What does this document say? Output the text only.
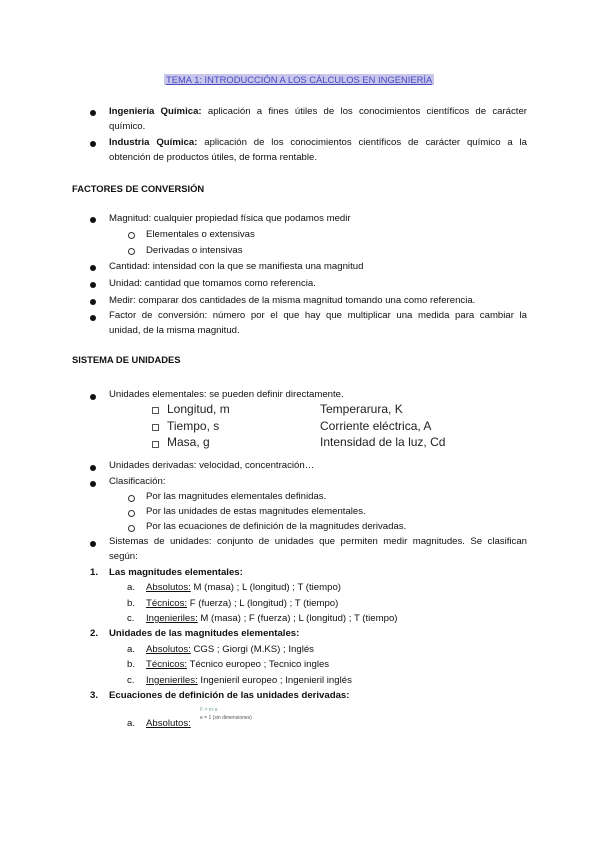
TEMA 1: INTRODUCCIÓN A LOS CÁLCULOS EN INGENIERÍA
Ingeniería Química: aplicación a fines útiles de los conocimientos científicos de carácter
químico.
Industria Química: aplicación de los conocimientos científicos de carácter químico a la
obtención de productos útiles, de forma rentable.
FACTORES DE CONVERSIÓN
Magnitud: cualquier propiedad física que podamos medir
Elementales o extensivas
Derivadas o intensivas
Cantidad: intensidad con la que se manifiesta una magnitud
Unidad: cantidad que tomamos como referencia.
Medir: comparar dos cantidades de la misma magnitud tomando una como referencia.
Factor de conversión: número por el que hay que multiplicar una medida para cambiar la
unidad, de la misma magnitud.
SISTEMA DE UNIDADES
Unidades elementales: se pueden definir directamente.
Longitud, m	Temperarura, K
Tiempo, s	Corriente eléctrica, A
Masa, g	Intensidad de la luz, Cd
Unidades derivadas: velocidad, concentración…
Clasificación:
Por las magnitudes elementales definidas.
Por las unidades de estas magnitudes elementales.
Por las ecuaciones de definición de la magnitudes derivadas.
Sistemas de unidades: conjunto de unidades que permiten medir magnitudes. Se clasifican
según:
1. Las magnitudes elementales:
a. Absolutos: M (masa) ; L (longitud) ; T (tiempo)
b. Técnicos: F (fuerza) ; L (longitud) ; T (tiempo)
c. Ingenieriles: M (masa) ; F (fuerza) ; L (longitud) ; T (tiempo)
2. Unidades de las magnitudes elementales:
a. Absolutos: CGS ; Giorgi (M.KS) ; Inglés
b. Técnicos: Técnico europeo ; Tecnico ingles
c. Ingenieriles: Ingenieril europeo ; Ingenieril inglés
3. Ecuaciones de definición de las unidades derivadas:
F = m·a
e = 1 (sin dimensiones)
a. Absolutos:
